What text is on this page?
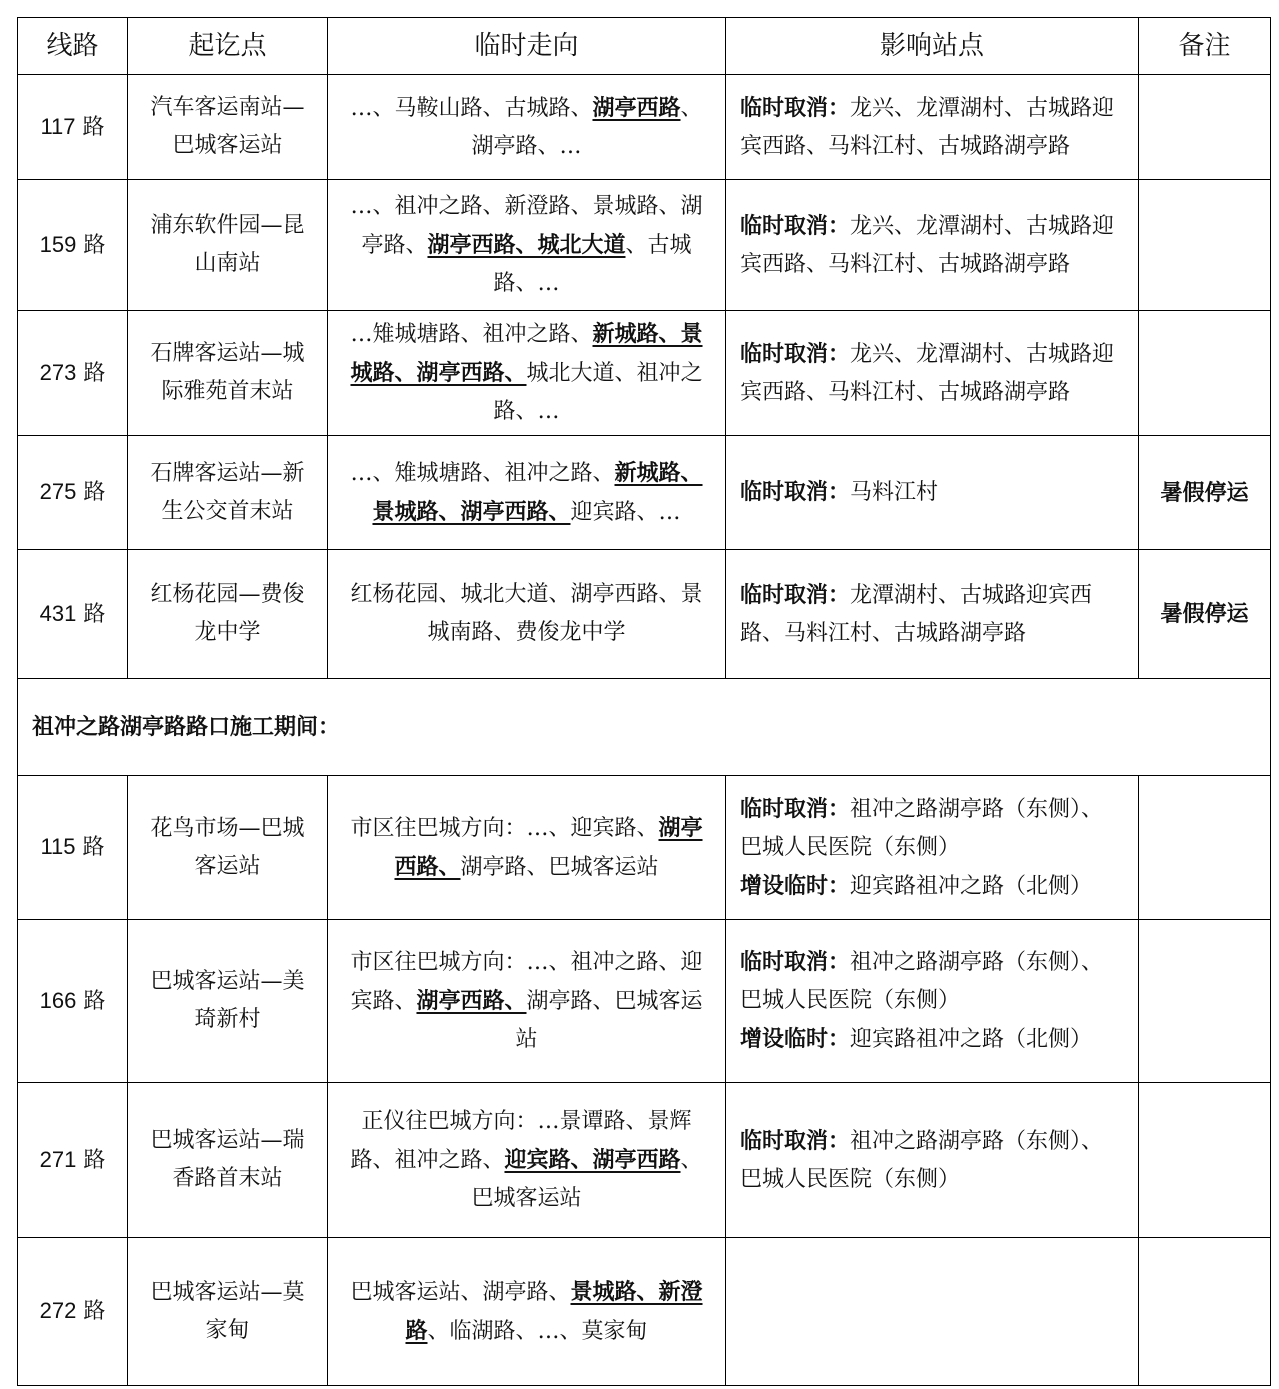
线路	起讫点	临时走向	影响站点	备注
117 路	汽车客运南站—巴城客运站	…、马鞍山路、古城路、湖亭西路、湖亭路、…	临时取消：龙兴、龙潭湖村、古城路迎宾西路、马料江村、古城路湖亭路	

159 路	浦东软件园—昆山南站	…、祖冲之路、新澄路、景城路、湖亭路、湖亭西路、城北大道、古城路、…	临时取消：龙兴、龙潭湖村、古城路迎宾西路、马料江村、古城路湖亭路	

273 路	石牌客运站—城际雅苑首末站	…雉城塘路、祖冲之路、新城路、景城路、湖亭西路、城北大道、祖冲之路、…	临时取消：龙兴、龙潭湖村、古城路迎宾西路、马料江村、古城路湖亭路	

275 路	石牌客运站—新生公交首末站	…、雉城塘路、祖冲之路、新城路、景城路、湖亭西路、迎宾路、…	临时取消：马料江村	暑假停运
431 路	红杨花园—费俊龙中学	红杨花园、城北大道、湖亭西路、景城南路、费俊龙中学	临时取消：龙潭湖村、古城路迎宾西路、马料江村、古城路湖亭路	暑假停运
祖冲之路湖亭路路口施工期间：				
115 路	花鸟市场—巴城客运站	市区往巴城方向：…、迎宾路、湖亭西路、湖亭路、巴城客运站	临时取消：祖冲之路湖亭路（东侧）、巴城人民医院（东侧）
增设临时：迎宾路祖冲之路（北侧）	

166 路	巴城客运站—美琦新村	市区往巴城方向：…、祖冲之路、迎宾路、湖亭西路、湖亭路、巴城客运站	临时取消：祖冲之路湖亭路（东侧）、巴城人民医院（东侧）
增设临时：迎宾路祖冲之路（北侧）	

271 路	巴城客运站—瑞香路首末站	正仪往巴城方向：…景谭路、景辉路、祖冲之路、迎宾路、湖亭西路、巴城客运站	临时取消：祖冲之路湖亭路（东侧）、巴城人民医院（东侧）	

272 路	巴城客运站—莫家甸	巴城客运站、湖亭路、景城路、新澄路、临湖路、…、莫家甸		
